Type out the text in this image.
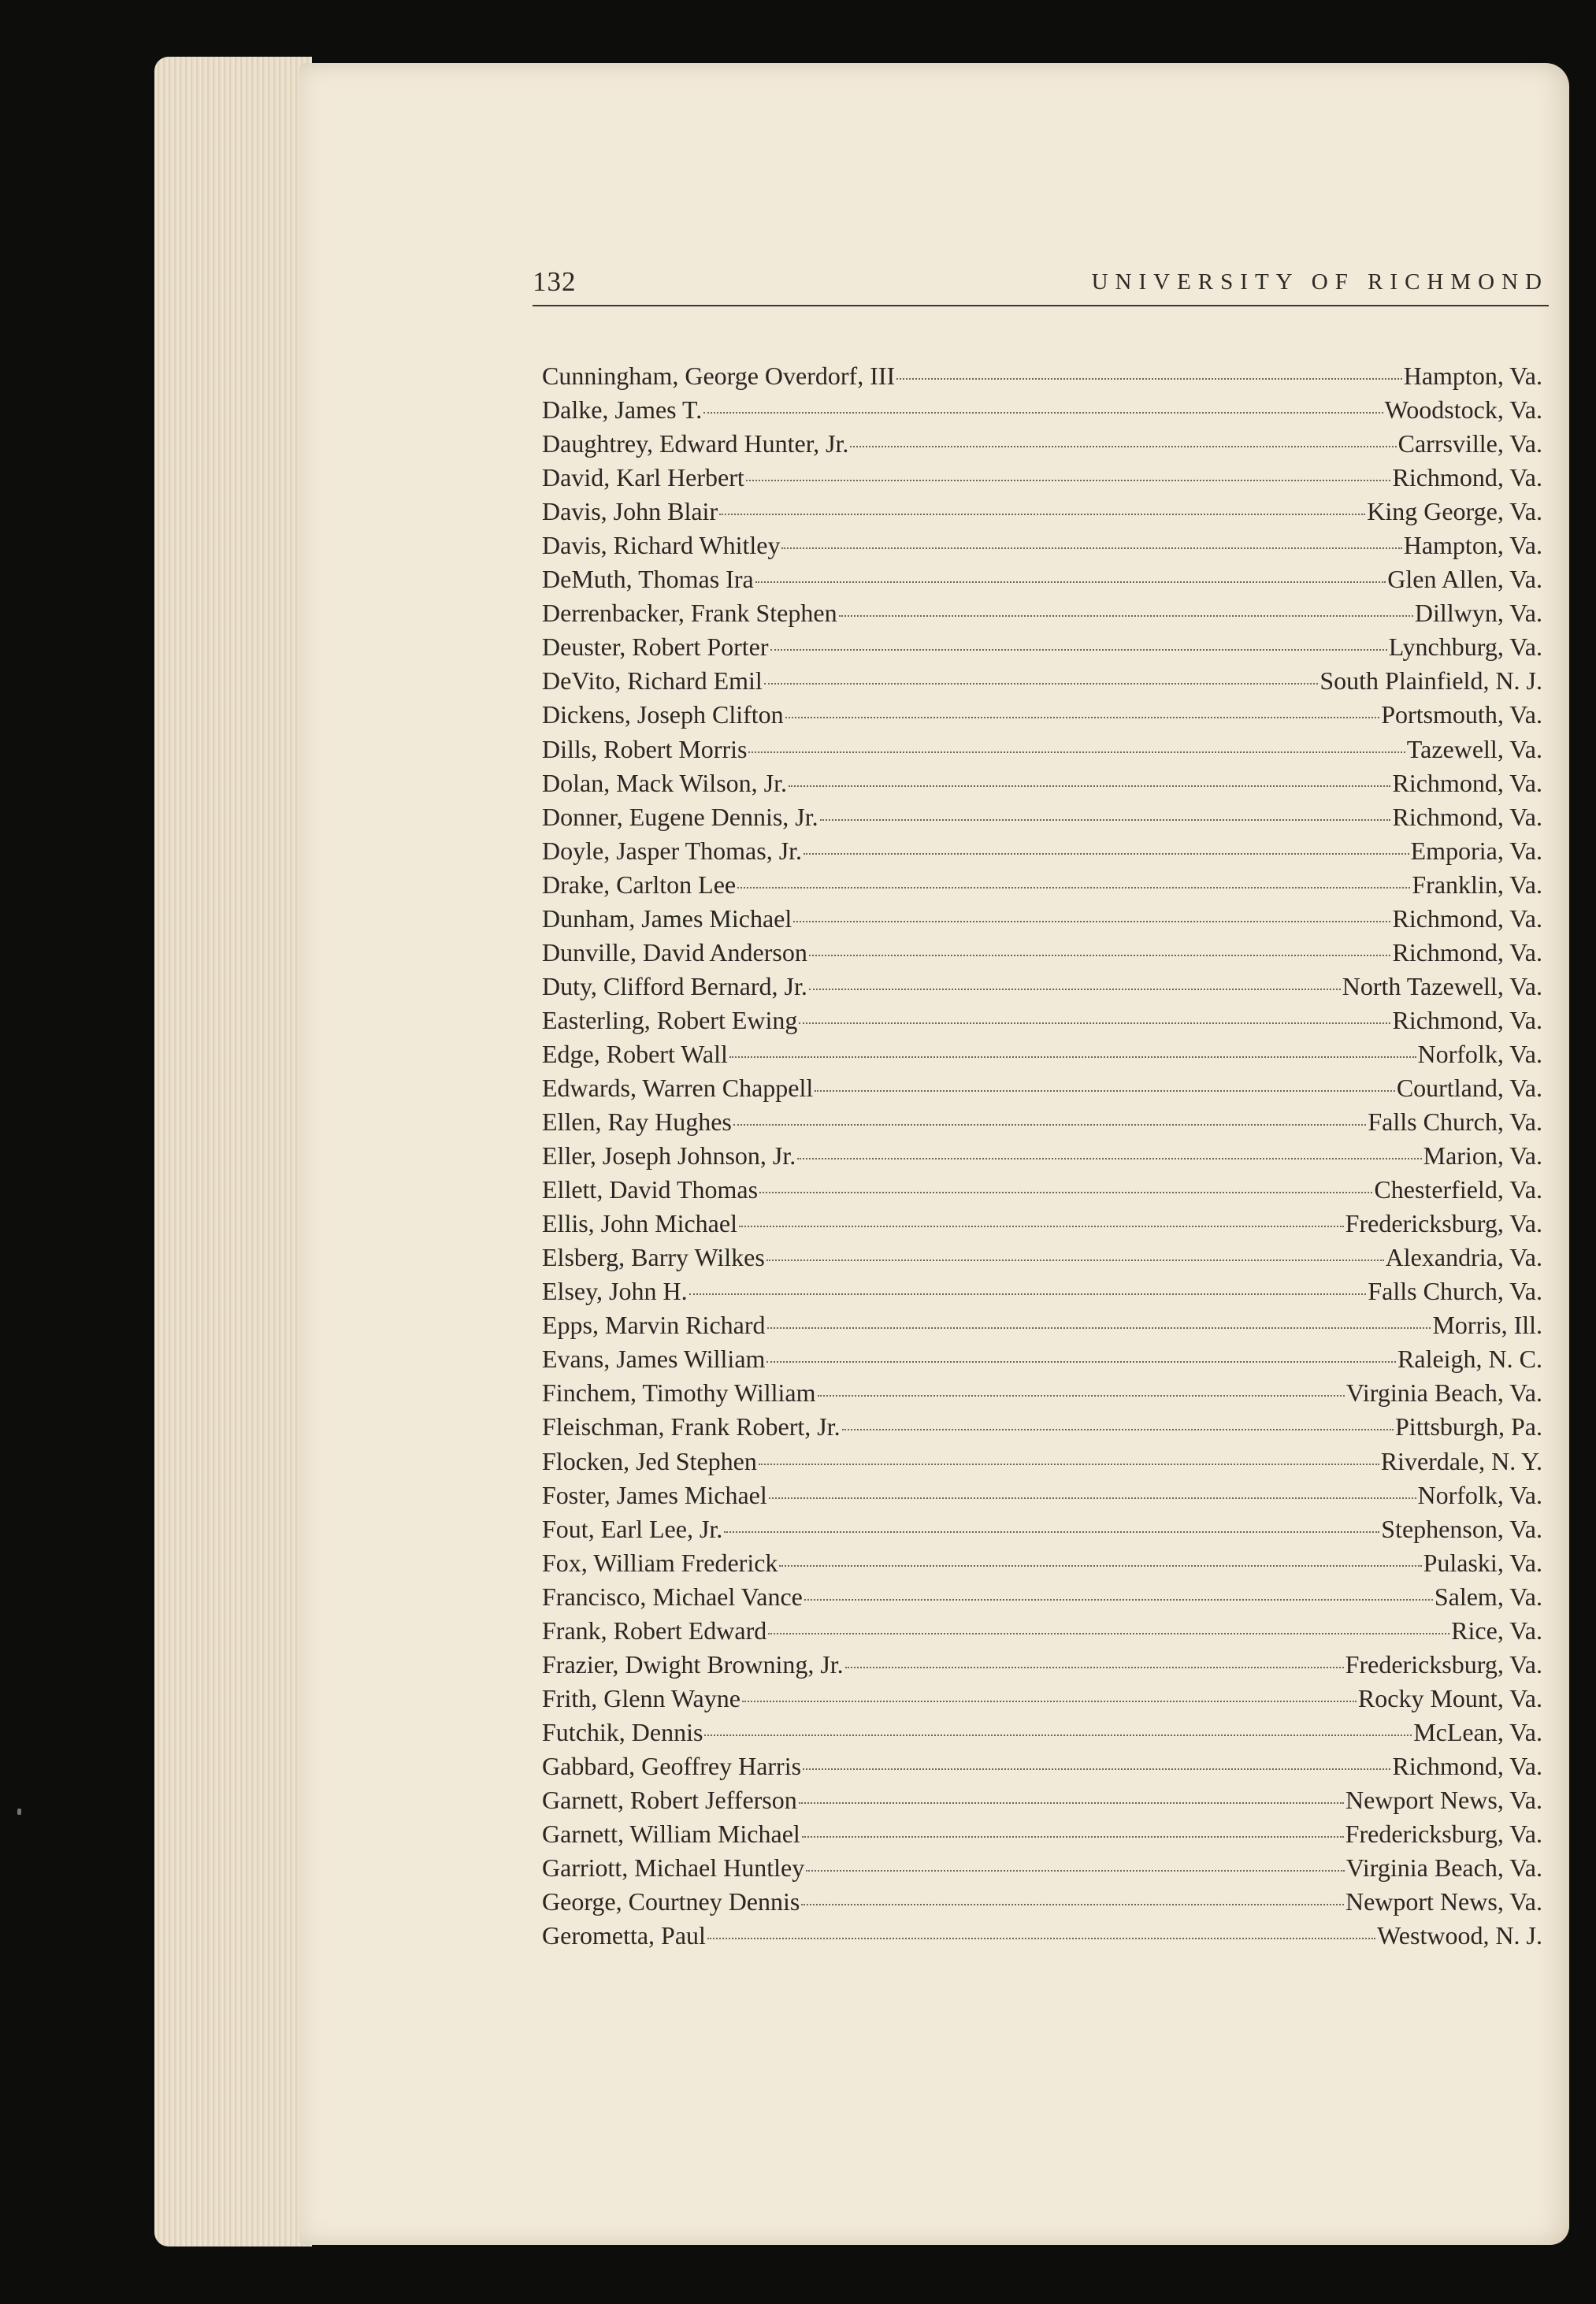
132	UNIVERSITY OF RICHMOND
Cunningham, George Overdorf, III	Hampton, Va.
Dalke, James T.	Woodstock, Va.
Daughtrey, Edward Hunter, Jr.	Carrsville, Va.
David, Karl Herbert	Richmond, Va.
Davis, John Blair	King George, Va.
Davis, Richard Whitley	Hampton, Va.
DeMuth, Thomas Ira	Glen Allen, Va.
Derrenbacker, Frank Stephen	Dillwyn, Va.
Deuster, Robert Porter	Lynchburg, Va.
DeVito, Richard Emil	South Plainfield, N. J.
Dickens, Joseph Clifton	Portsmouth, Va.
Dills, Robert Morris	Tazewell, Va.
Dolan, Mack Wilson, Jr.	Richmond, Va.
Donner, Eugene Dennis, Jr.	Richmond, Va.
Doyle, Jasper Thomas, Jr.	Emporia, Va.
Drake, Carlton Lee	Franklin, Va.
Dunham, James Michael	Richmond, Va.
Dunville, David Anderson	Richmond, Va.
Duty, Clifford Bernard, Jr.	North Tazewell, Va.
Easterling, Robert Ewing	Richmond, Va.
Edge, Robert Wall	Norfolk, Va.
Edwards, Warren Chappell	Courtland, Va.
Ellen, Ray Hughes	Falls Church, Va.
Eller, Joseph Johnson, Jr.	Marion, Va.
Ellett, David Thomas	Chesterfield, Va.
Ellis, John Michael	Fredericksburg, Va.
Elsberg, Barry Wilkes	Alexandria, Va.
Elsey, John H.	Falls Church, Va.
Epps, Marvin Richard	Morris, Ill.
Evans, James William	Raleigh, N. C.
Finchem, Timothy William	Virginia Beach, Va.
Fleischman, Frank Robert, Jr.	Pittsburgh, Pa.
Flocken, Jed Stephen	Riverdale, N. Y.
Foster, James Michael	Norfolk, Va.
Fout, Earl Lee, Jr.	Stephenson, Va.
Fox, William Frederick	Pulaski, Va.
Francisco, Michael Vance	Salem, Va.
Frank, Robert Edward	Rice, Va.
Frazier, Dwight Browning, Jr.	Fredericksburg, Va.
Frith, Glenn Wayne	Rocky Mount, Va.
Futchik, Dennis	McLean, Va.
Gabbard, Geoffrey Harris	Richmond, Va.
Garnett, Robert Jefferson	Newport News, Va.
Garnett, William Michael	Fredericksburg, Va.
Garriott, Michael Huntley	Virginia Beach, Va.
George, Courtney Dennis	Newport News, Va.
Gerometta, Paul	Westwood, N. J.
